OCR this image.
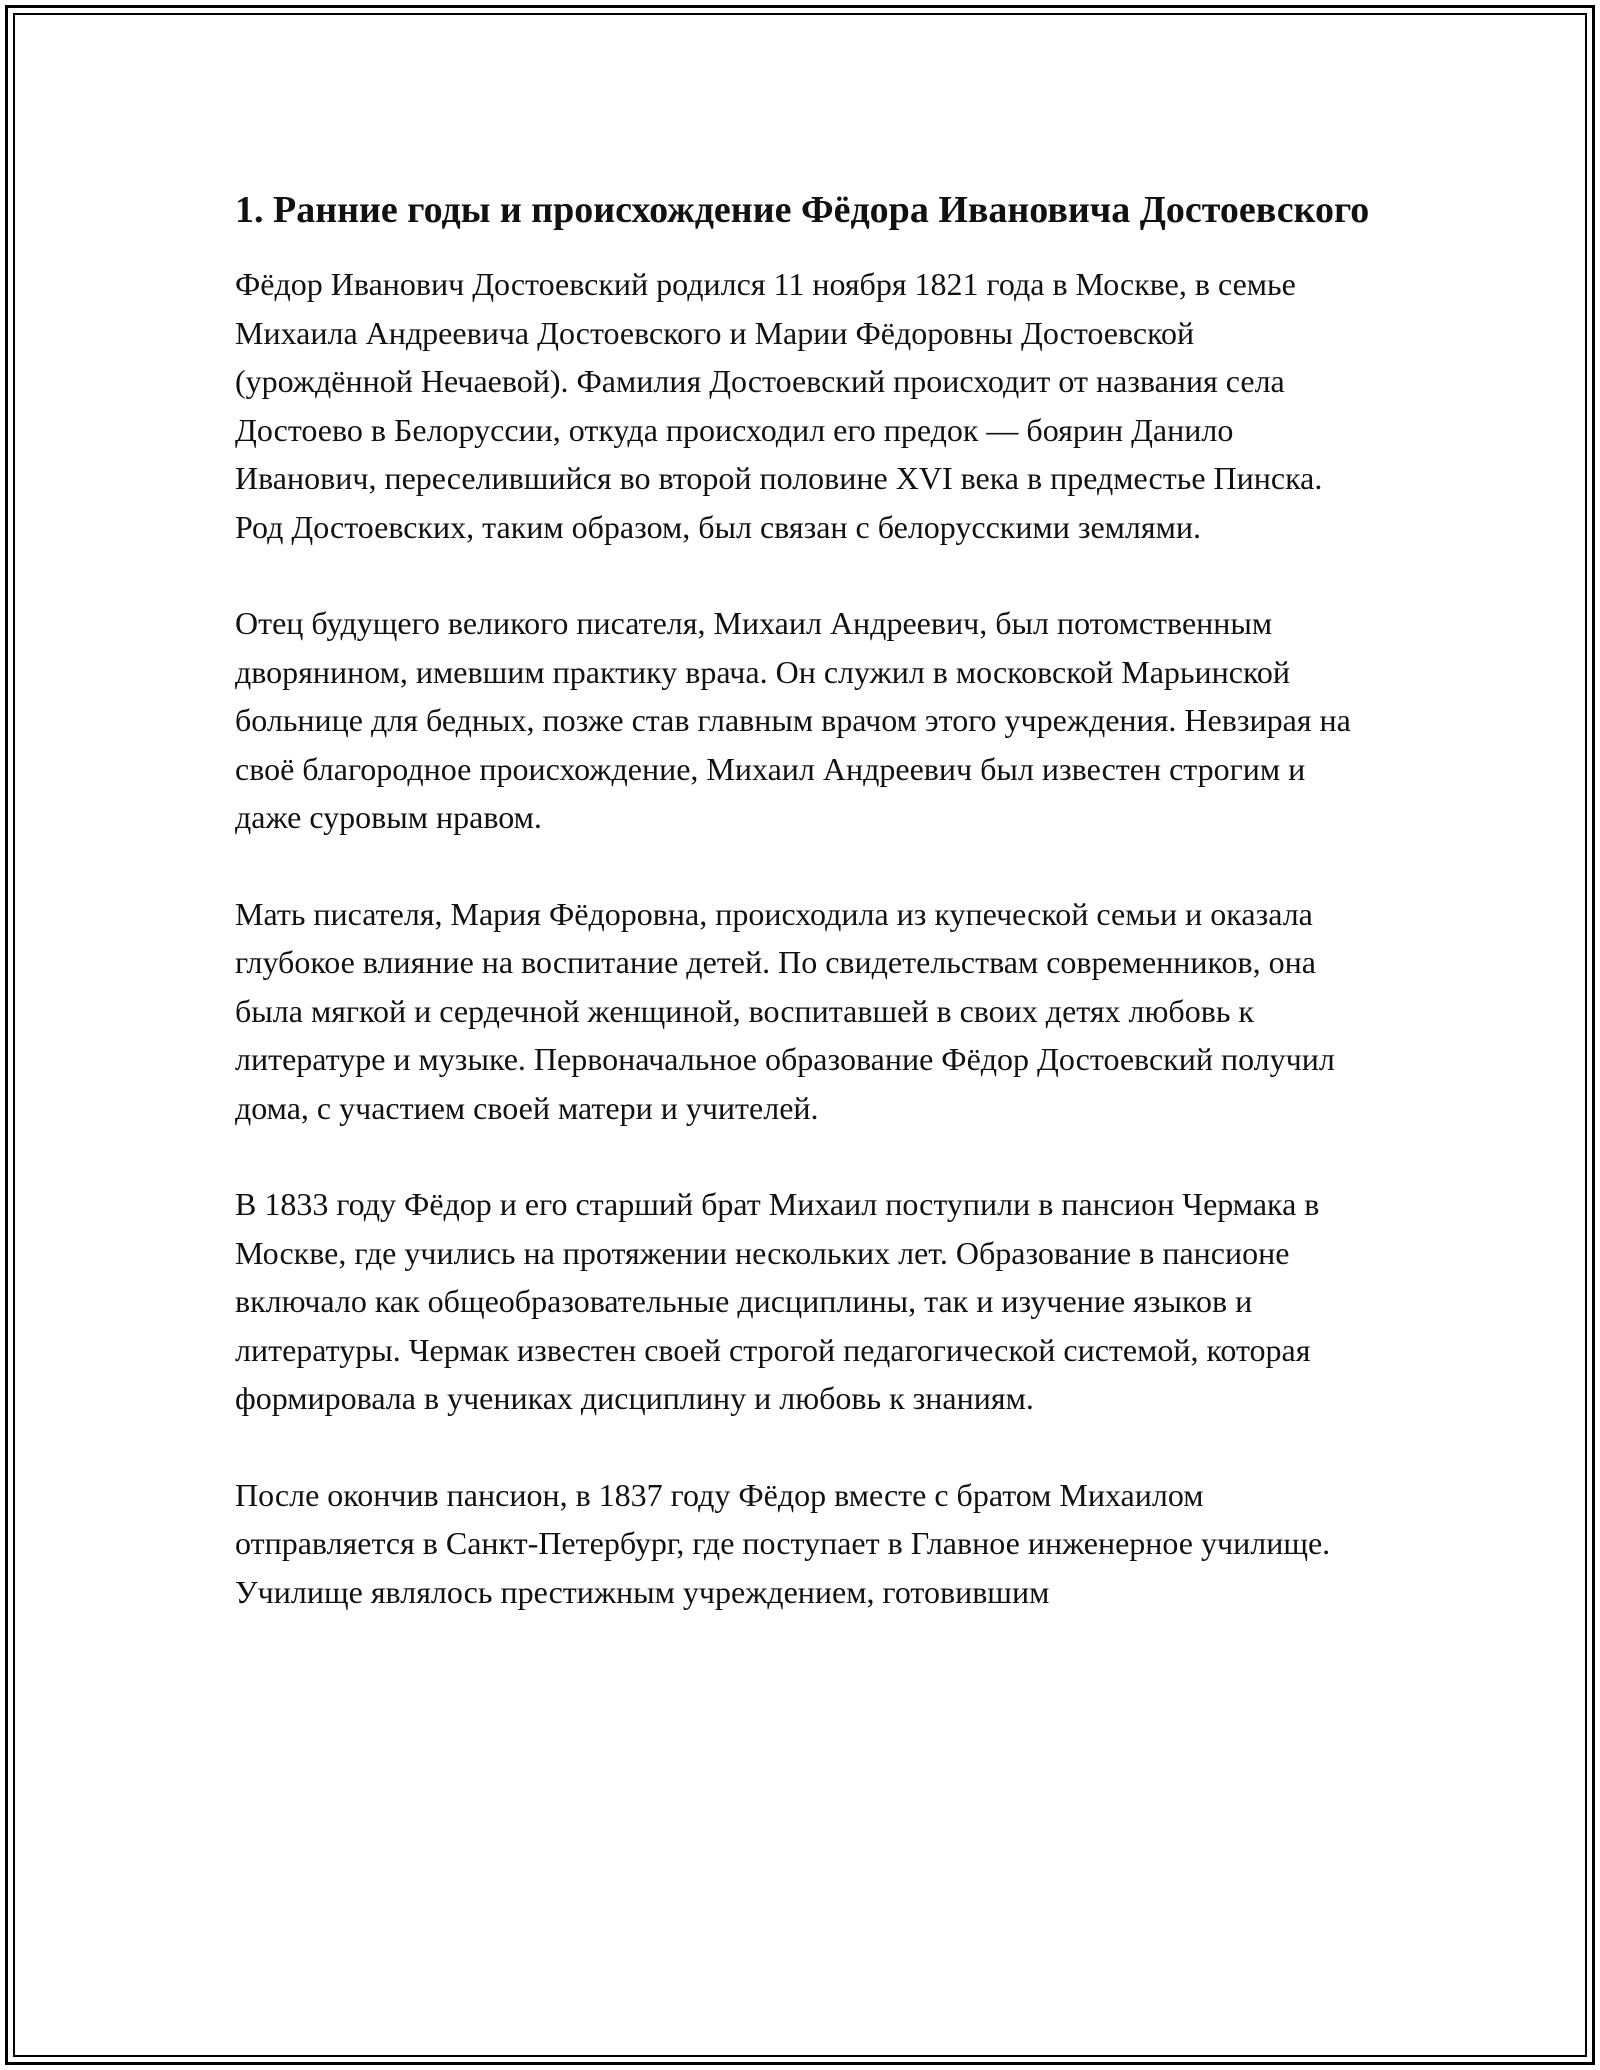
1. Ранние годы и происхождение Фёдора Ивановича Достоевского

Фёдор Иванович Достоевский родился 11 ноября 1821 года в Москве, в семье Михаила Андреевича Достоевского и Марии Фёдоровны Достоевской (урождённой Нечаевой). Фамилия Достоевский происходит от названия села Достоево в Белоруссии, откуда происходил его предок — боярин Данило Иванович, переселившийся во второй половине XVI века в предместье Пинска. Род Достоевских, таким образом, был связан с белорусскими землями.

Отец будущего великого писателя, Михаил Андреевич, был потомственным дворянином, имевшим практику врача. Он служил в московской Марьинской больнице для бедных, позже став главным врачом этого учреждения. Невзирая на своё благородное происхождение, Михаил Андреевич был известен строгим и даже суровым нравом.

Мать писателя, Мария Фёдоровна, происходила из купеческой семьи и оказала глубокое влияние на воспитание детей. По свидетельствам современников, она была мягкой и сердечной женщиной, воспитавшей в своих детях любовь к литературе и музыке. Первоначальное образование Фёдор Достоевский получил дома, с участием своей матери и учителей.

В 1833 году Фёдор и его старший брат Михаил поступили в пансион Чермака в Москве, где учились на протяжении нескольких лет. Образование в пансионе включало как общеобразовательные дисциплины, так и изучение языков и литературы. Чермак известен своей строгой педагогической системой, которая формировала в учениках дисциплину и любовь к знаниям.

После окончив пансион, в 1837 году Фёдор вместе с братом Михаилом отправляется в Санкт-Петербург, где поступает в Главное инженерное училище. Училище являлось престижным учреждением, готовившим
